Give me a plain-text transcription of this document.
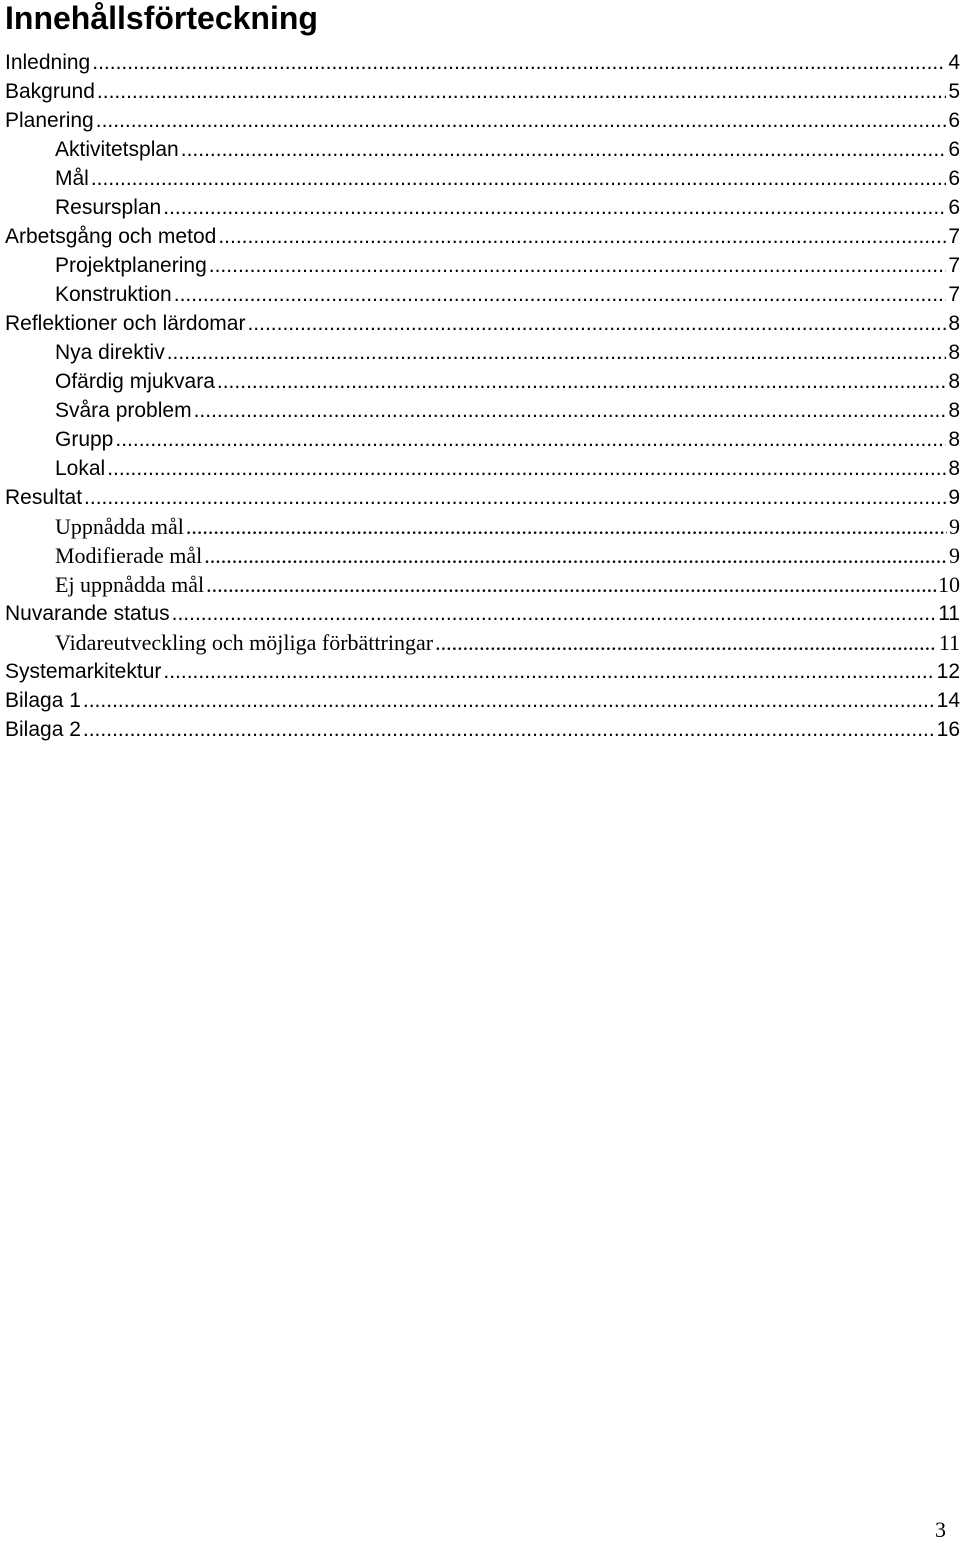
Innehållsförteckning
Inledning .....	4
Bakgrund .....	5
Planering .....	6
Aktivitetsplan .....	6
Mål .....	6
Resursplan .....	6
Arbetsgång och metod .....	7
Projektplanering .....	7
Konstruktion .....	7
Reflektioner och lärdomar .....	8
Nya direktiv .....	8
Ofärdig mjukvara .....	8
Svåra problem .....	8
Grupp .....	8
Lokal .....	8
Resultat .....	9
Uppnådda mål .....	9
Modifierade mål .....	9
Ej uppnådda mål .....	10
Nuvarande status .....	11
Vidareutveckling och möjliga förbättringar .....	11
Systemarkitektur .....	12
Bilaga 1 .....	14
Bilaga 2 .....	16
3
